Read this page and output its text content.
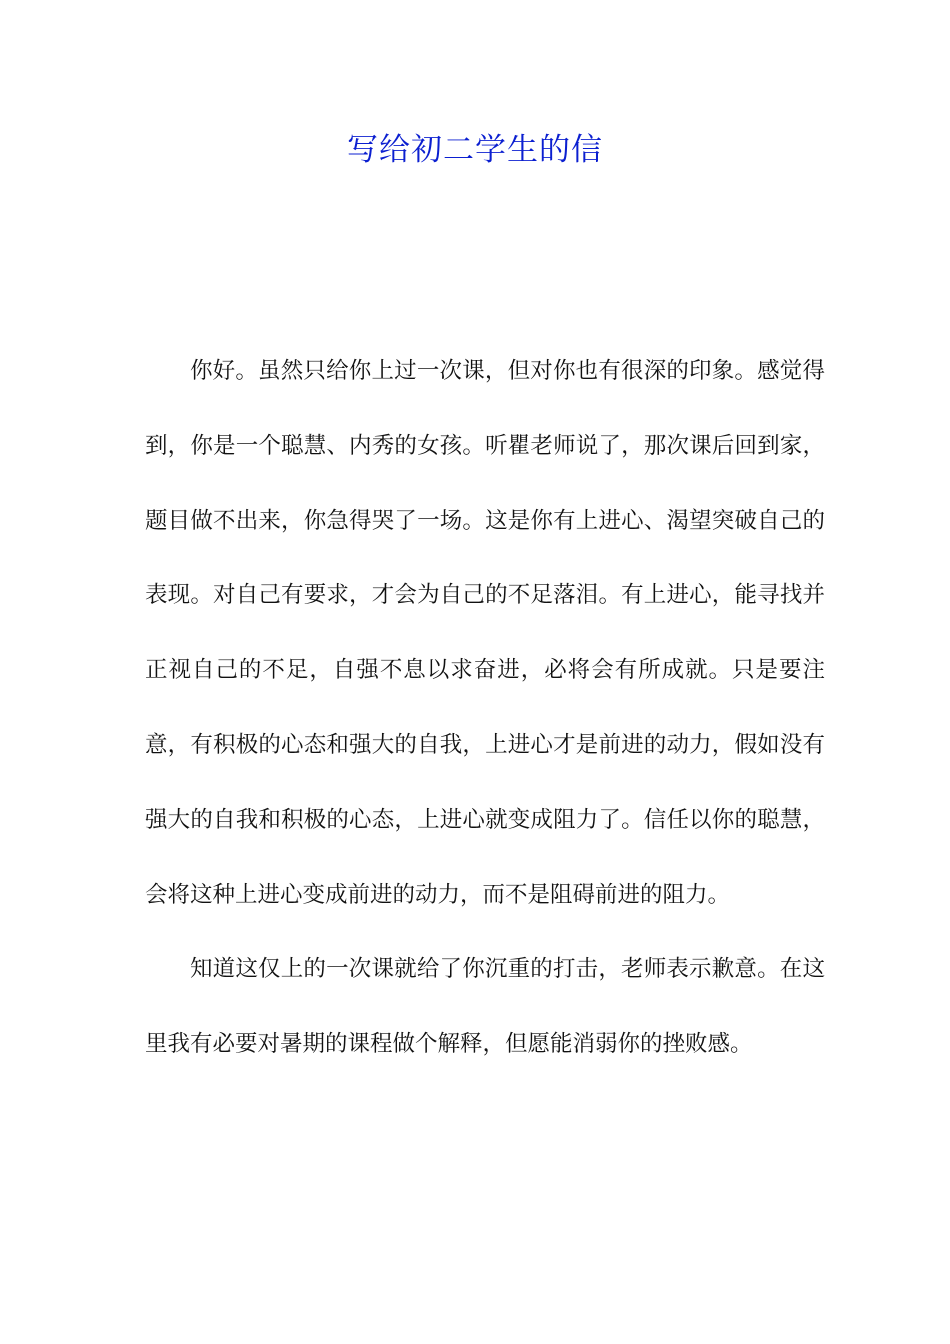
写给初二学生的信

你好。虽然只给你上过一次课，但对你也有很深的印象。感觉得到，你是一个聪慧、内秀的女孩。听瞿老师说了，那次课后回到家，题目做不出来，你急得哭了一场。这是你有上进心、渴望突破自己的表现。对自己有要求，才会为自己的不足落泪。有上进心，能寻找并正视自己的不足，自强不息以求奋进，必将会有所成就。只是要注意，有积极的心态和强大的自我，上进心才是前进的动力，假如没有强大的自我和积极的心态，上进心就变成阻力了。信任以你的聪慧，会将这种上进心变成前进的动力，而不是阻碍前进的阻力。

知道这仅上的一次课就给了你沉重的打击，老师表示歉意。在这里我有必要对暑期的课程做个解释，但愿能消弱你的挫败感。
